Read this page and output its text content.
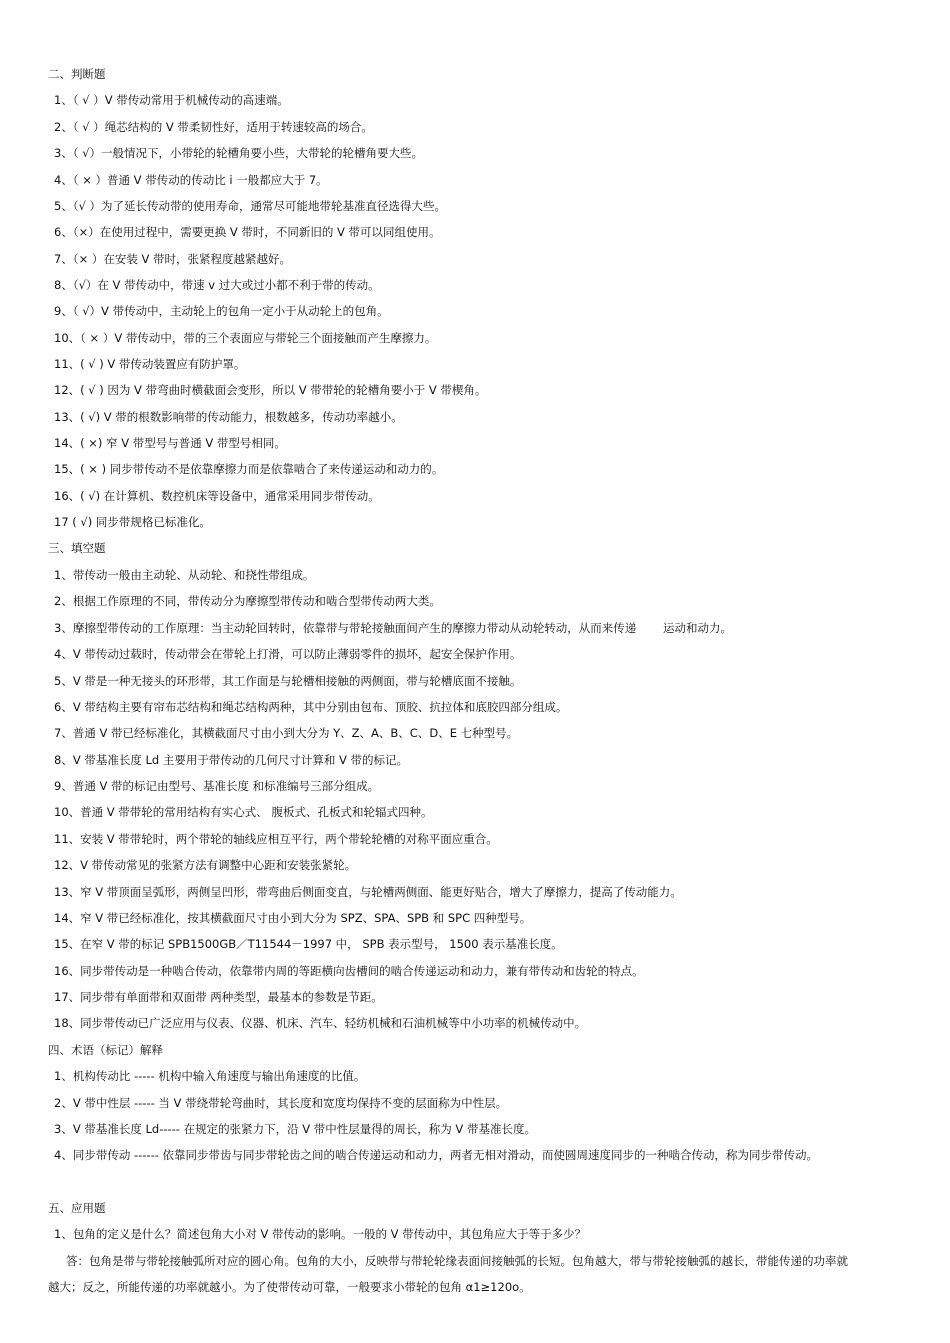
二、判断题
1、（ √ ）V 带传动常用于机械传动的高速端。
2、（ √ ）绳芯结构的 V 带柔韧性好，适用于转速较高的场合。
3、（ √）一般情况下，小带轮的轮槽角要小些，大带轮的轮槽角要大些。
4、（ × ）普通 V 带传动的传动比 i 一般都应大于 7。
5、（√ ）为了延长传动带的使用寿命，通常尽可能地带轮基准直径选得大些。
6、（×）在使用过程中，需要更换 V 带时，不同新旧的 V 带可以同组使用。
7、（× ）在安装 V 带时，张紧程度越紧越好。
8、（√）在 V 带传动中，带速 v 过大或过小都不利于带的传动。
9、（ √）V 带传动中，主动轮上的包角一定小于从动轮上的包角。
10、（ × ）V 带传动中，带的三个表面应与带轮三个面接触而产生摩擦力。
11、( √ ) V 带传动装置应有防护罩。
12、( √ ) 因为 V 带弯曲时横截面会变形，所以 V 带带轮的轮槽角要小于 V 带楔角。
13、( √) V 带的根数影响带的传动能力，根数越多，传动功率越小。
14、( ×) 窄 V 带型号与普通 V 带型号相同。
15、( × ) 同步带传动不是依靠摩擦力而是依靠啮合了来传递运动和动力的。
16、( √) 在计算机、数控机床等设备中，通常采用同步带传动。
17 ( √) 同步带规格已标准化。
三、填空题
1、带传动一般由主动轮、从动轮、和挠性带组成。
2、根据工作原理的不同，带传动分为摩擦型带传动和啮合型带传动两大类。
3、摩擦型带传动的工作原理：当主动轮回转时，依靠带与带轮接触面间产生的摩擦力带动从动轮转动，从而来传递　　 运动和动力。
4、V 带传动过载时，传动带会在带轮上打滑，可以防止薄弱零件的损坏，起安全保护作用。
5、V 带是一种无接头的环形带，其工作面是与轮槽相接触的两侧面，带与轮槽底面不接触。
6、V 带结构主要有帘布芯结构和绳芯结构两种，其中分别由包布、顶胶、抗拉体和底胶四部分组成。
7、普通 V 带已经标准化，其横截面尺寸由小到大分为 Y、Z、A、B、C、D、E 七种型号。
8、V 带基准长度 Ld 主要用于带传动的几何尺寸计算和 V 带的标记。
9、普通 V 带的标记由型号、基准长度 和标准编号三部分组成。
10、普通 V 带带轮的常用结构有实心式、 腹板式、孔板式和轮辐式四种。
11、安装 V 带带轮时，两个带轮的轴线应相互平行，两个带轮轮槽的对称平面应重合。
12、V 带传动常见的张紧方法有调整中心距和安装张紧轮。
13、窄 V 带顶面呈弧形，两侧呈凹形，带弯曲后侧面变直，与轮槽两侧面、能更好贴合，增大了摩擦力，提高了传动能力。
14、窄 V 带已经标准化，按其横截面尺寸由小到大分为 SPZ、SPA、SPB 和 SPC 四种型号。
15、在窄 V 带的标记 SPB1500GB／T11544－1997 中， SPB 表示型号， 1500 表示基准长度。
16、同步带传动是一种啮合传动，依靠带内周的等距横向齿槽间的啮合传递运动和动力，兼有带传动和齿轮的特点。
17、同步带有单面带和双面带 两种类型，最基本的参数是节距。
18、同步带传动已广泛应用与仪表、仪器、机床、汽车、轻纺机械和石油机械等中小功率的机械传动中。
四、术语（标记）解释
1、机构传动比 ----- 机构中输入角速度与输出角速度的比值。
2、V 带中性层 ----- 当 V 带绕带轮弯曲时，其长度和宽度均保持不变的层面称为中性层。
3、V 带基准长度 Ld----- 在规定的张紧力下，沿 V 带中性层量得的周长，称为 V 带基准长度。
4、同步带传动 ------ 依靠同步带齿与同步带轮齿之间的啮合传递运动和动力，两者无相对滑动，而使圆周速度同步的一种啮合传动，称为同步带传动。
五、应用题
1、包角的定义是什么？简述包角大小对 V 带传动的影响。一般的 V 带传动中，其包角应大于等于多少？
答：包角是带与带轮接触弧所对应的圆心角。包角的大小，反映带与带轮轮缘表面间接触弧的长短。包角越大，带与带轮接触弧的越长，带能传递的功率就越大；反之，所能传递的功率就越小。为了使带传动可靠，一般要求小带轮的包角 α1≥120o。
